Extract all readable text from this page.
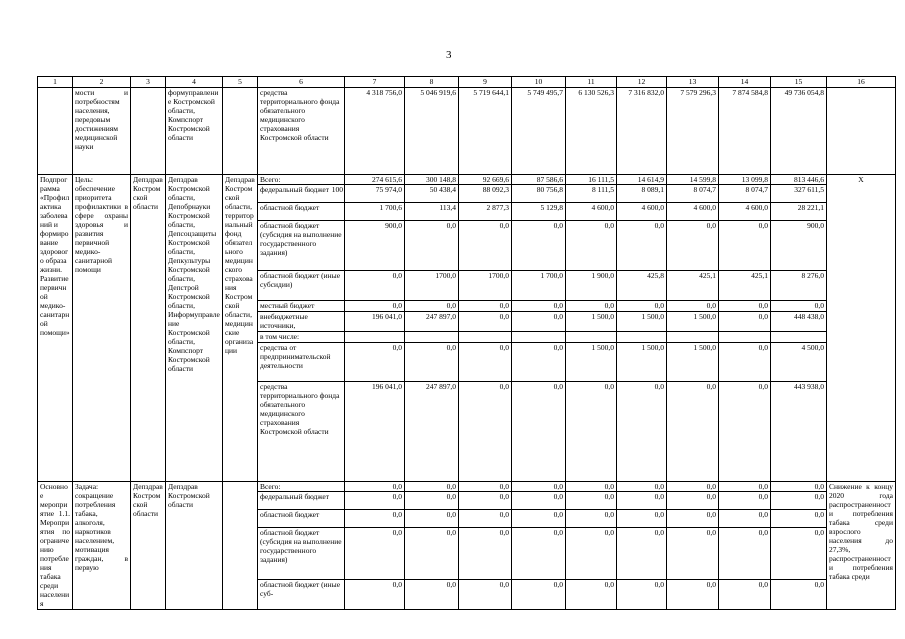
3
1	2	3	4	5	6	7	8	9	10	11	12	13	14	15	16
	мости и потребностям населения, передовым достижениям медицинской науки		формуправление Костромской области, Компспорт Костромской области		средства территориального фонда обязательного медицинского страхования Костромской области	4 318 756,0	5 046 919,6	5 719 644,1	5 749 495,7	6 130 526,3	7 316 832,0	7 579 296,3	7 874 584,8	49 736 054,8	
Подпрограмма «Профилактика заболеваний и формирование здорового образа жизни. Развитие первичной медико-санитарной помощи»	Цель: обеспечение приоритета профилактики в сфере охраны здоровья и развития первичной медико-санитарной помощи	Депздрав Костромской области	Депздрав Костромской области, Депобрнауки Костромской области, Депсоцзащиты Костромской области, Депкультуры Костромской области, Депстрой Костромской области, Информуправление Костромской области, Компспорт Костромской области	Депздрав Костромской области, территориальный фонд обязательного медицинского страхования Костромской области, медицинские организации	Всего:	274 615,6	300 148,8	92 669,6	87 586,6	16 111,5	14 614,9	14 599,8	13 099,8	813 446,6	X
					федеральный бюджет 100	75 974,0	50 438,4	88 092,3	80 756,8	8 111,5	8 089,1	8 074,7	8 074,7	327 611,5	
					областной бюджет	1 700,6	113,4	2 877,3	5 129,8	4 600,0	4 600,0	4 600,0	4 600,0	28 221,1	
					областной бюджет (субсидия на выполнение государственного задания)	900,0	0,0	0,0	0,0	0,0	0,0	0,0	0,0	900,0	
					областной бюджет (иные субсидии)	0,0	1700,0	1700,0	1 700,0	1 900,0	425,8	425,1	425,1	8 276,0	
					местный бюджет	0,0	0,0	0,0	0,0	0,0	0,0	0,0	0,0	0,0	
					внебюджетные источники,	196 041,0	247 897,0	0,0	0,0	1 500,0	1 500,0	1 500,0	0,0	448 438,0	
					в том числе:										
					средства от предпринимательской деятельности	0,0	0,0	0,0	0,0	1 500,0	1 500,0	1 500,0	0,0	4 500,0	
					средства территориального фонда обязательного медицинского страхования Костромской области	196 041,0	247 897,0	0,0	0,0	0,0	0,0	0,0	0,0	443 938,0	
Основное мероприятие 1.1. Мероприятия по ограничению потребления табака среди населения	Задача: сокращение потребления табака, алкоголя, наркотиков населением, мотивация граждан, в первую	Депздрав Костромской области	Депздрав Костромской области		Всего:	0,0	0,0	0,0	0,0	0,0	0,0	0,0	0,0	0,0	Снижение к концу 2020 года распространенности потребления табака среди взрослого населения до 27,3%, распространенности потребления табака среди
					федеральный бюджет	0,0	0,0	0,0	0,0	0,0	0,0	0,0	0,0	0,0	
					областной бюджет	0,0	0,0	0,0	0,0	0,0	0,0	0,0	0,0	0,0	
					областной бюджет (субсидия на выполнение государственного задания)	0,0	0,0	0,0	0,0	0,0	0,0	0,0	0,0	0,0	
					областной бюджет (иные суб-	0,0	0,0	0,0	0,0	0,0	0,0	0,0	0,0	0,0	
